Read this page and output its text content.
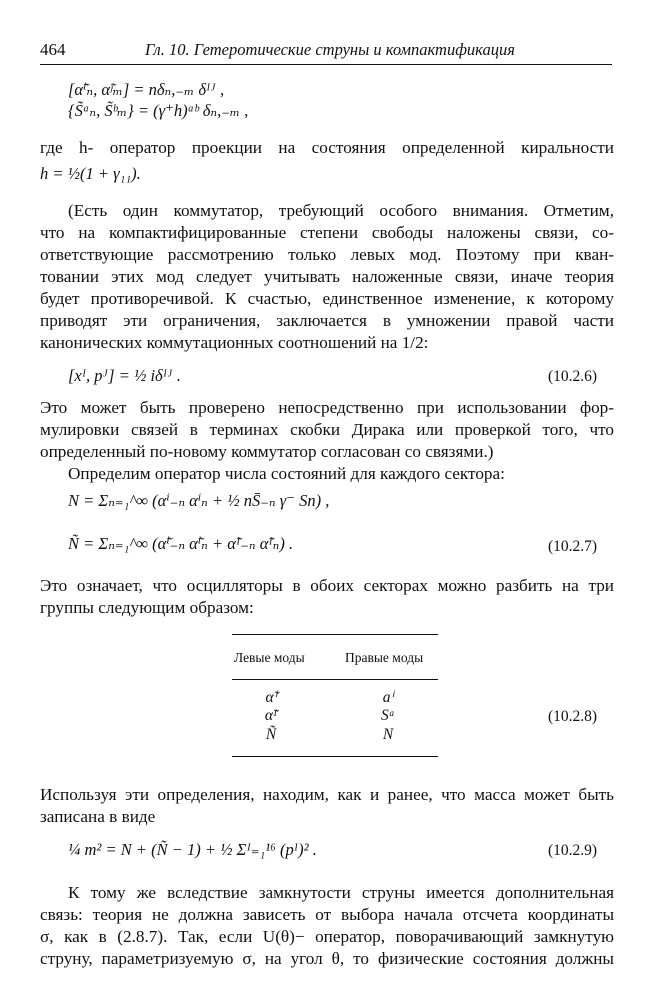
464	Гл. 10. Гетеротические струны и компактификация
[α̃ⁱₙ, α̃ʲₘ] = nδₙ,₋ₘ δᴵᴶ ,
{S̃ᵃₙ, S̃ᵇₘ} = (γ⁺h)ᵃᵇ δₙ,₋ₘ ,
где h- оператор проекции на состояния определенной киральности
h = ½(1 + γ₁₁).
(Есть один коммутатор, требующий особого внимания. Отметим,
что на компактифицированные степени свободы наложены связи, со-
ответствующие рассмотрению только левых мод. Поэтому при кван-
товании этих мод следует учитывать наложенные связи, иначе теория
будет противоречивой. К счастью, единственное изменение, к которому
приводят эти ограничения, заключается в умножении правой части
канонических коммутационных соотношений на 1/2:
[xᴵ, pᴶ] = ½ iδᴵᴶ .	(10.2.6)
Это может быть проверено непосредственно при использовании фор-
мулировки связей в терминах скобки Дирака или проверкой того, что
определенный по-новому коммутатор согласован со связями.)
Определим оператор числа состояний для каждого сектора:
N = Σₙ₌₁^∞ (αⁱ₋ₙ αⁱₙ + ½ nS̄₋ₙ γ⁻ Sn) ,
Ñ = Σₙ₌₁^∞ (α̃ⁱ₋ₙ α̃ⁱₙ + α̃ᴵ₋ₙ α̃ᴵₙ) .	(10.2.7)
Это означает, что осцилляторы в обоих секторах можно разбить на три
группы следующим образом:
Левые моды	Правые моды
α̃ⁱ	aⁱ
α̃ᴵ	Sᵃ
Ñ	N
(10.2.8)
Используя эти определения, находим, как и ранее, что масса может быть
записана в виде
¼ m² = N + (Ñ − 1) + ½ Σᴵ₌₁¹⁶ (pᴵ)² .	(10.2.9)
К тому же вследствие замкнутости струны имеется дополнительная
связь: теория не должна зависеть от выбора начала отсчета координаты
σ, как в (2.8.7). Так, если U(θ)− оператор, поворачивающий замкнутую
струну, параметризуемую σ, на угол θ, то физические состояния должны
